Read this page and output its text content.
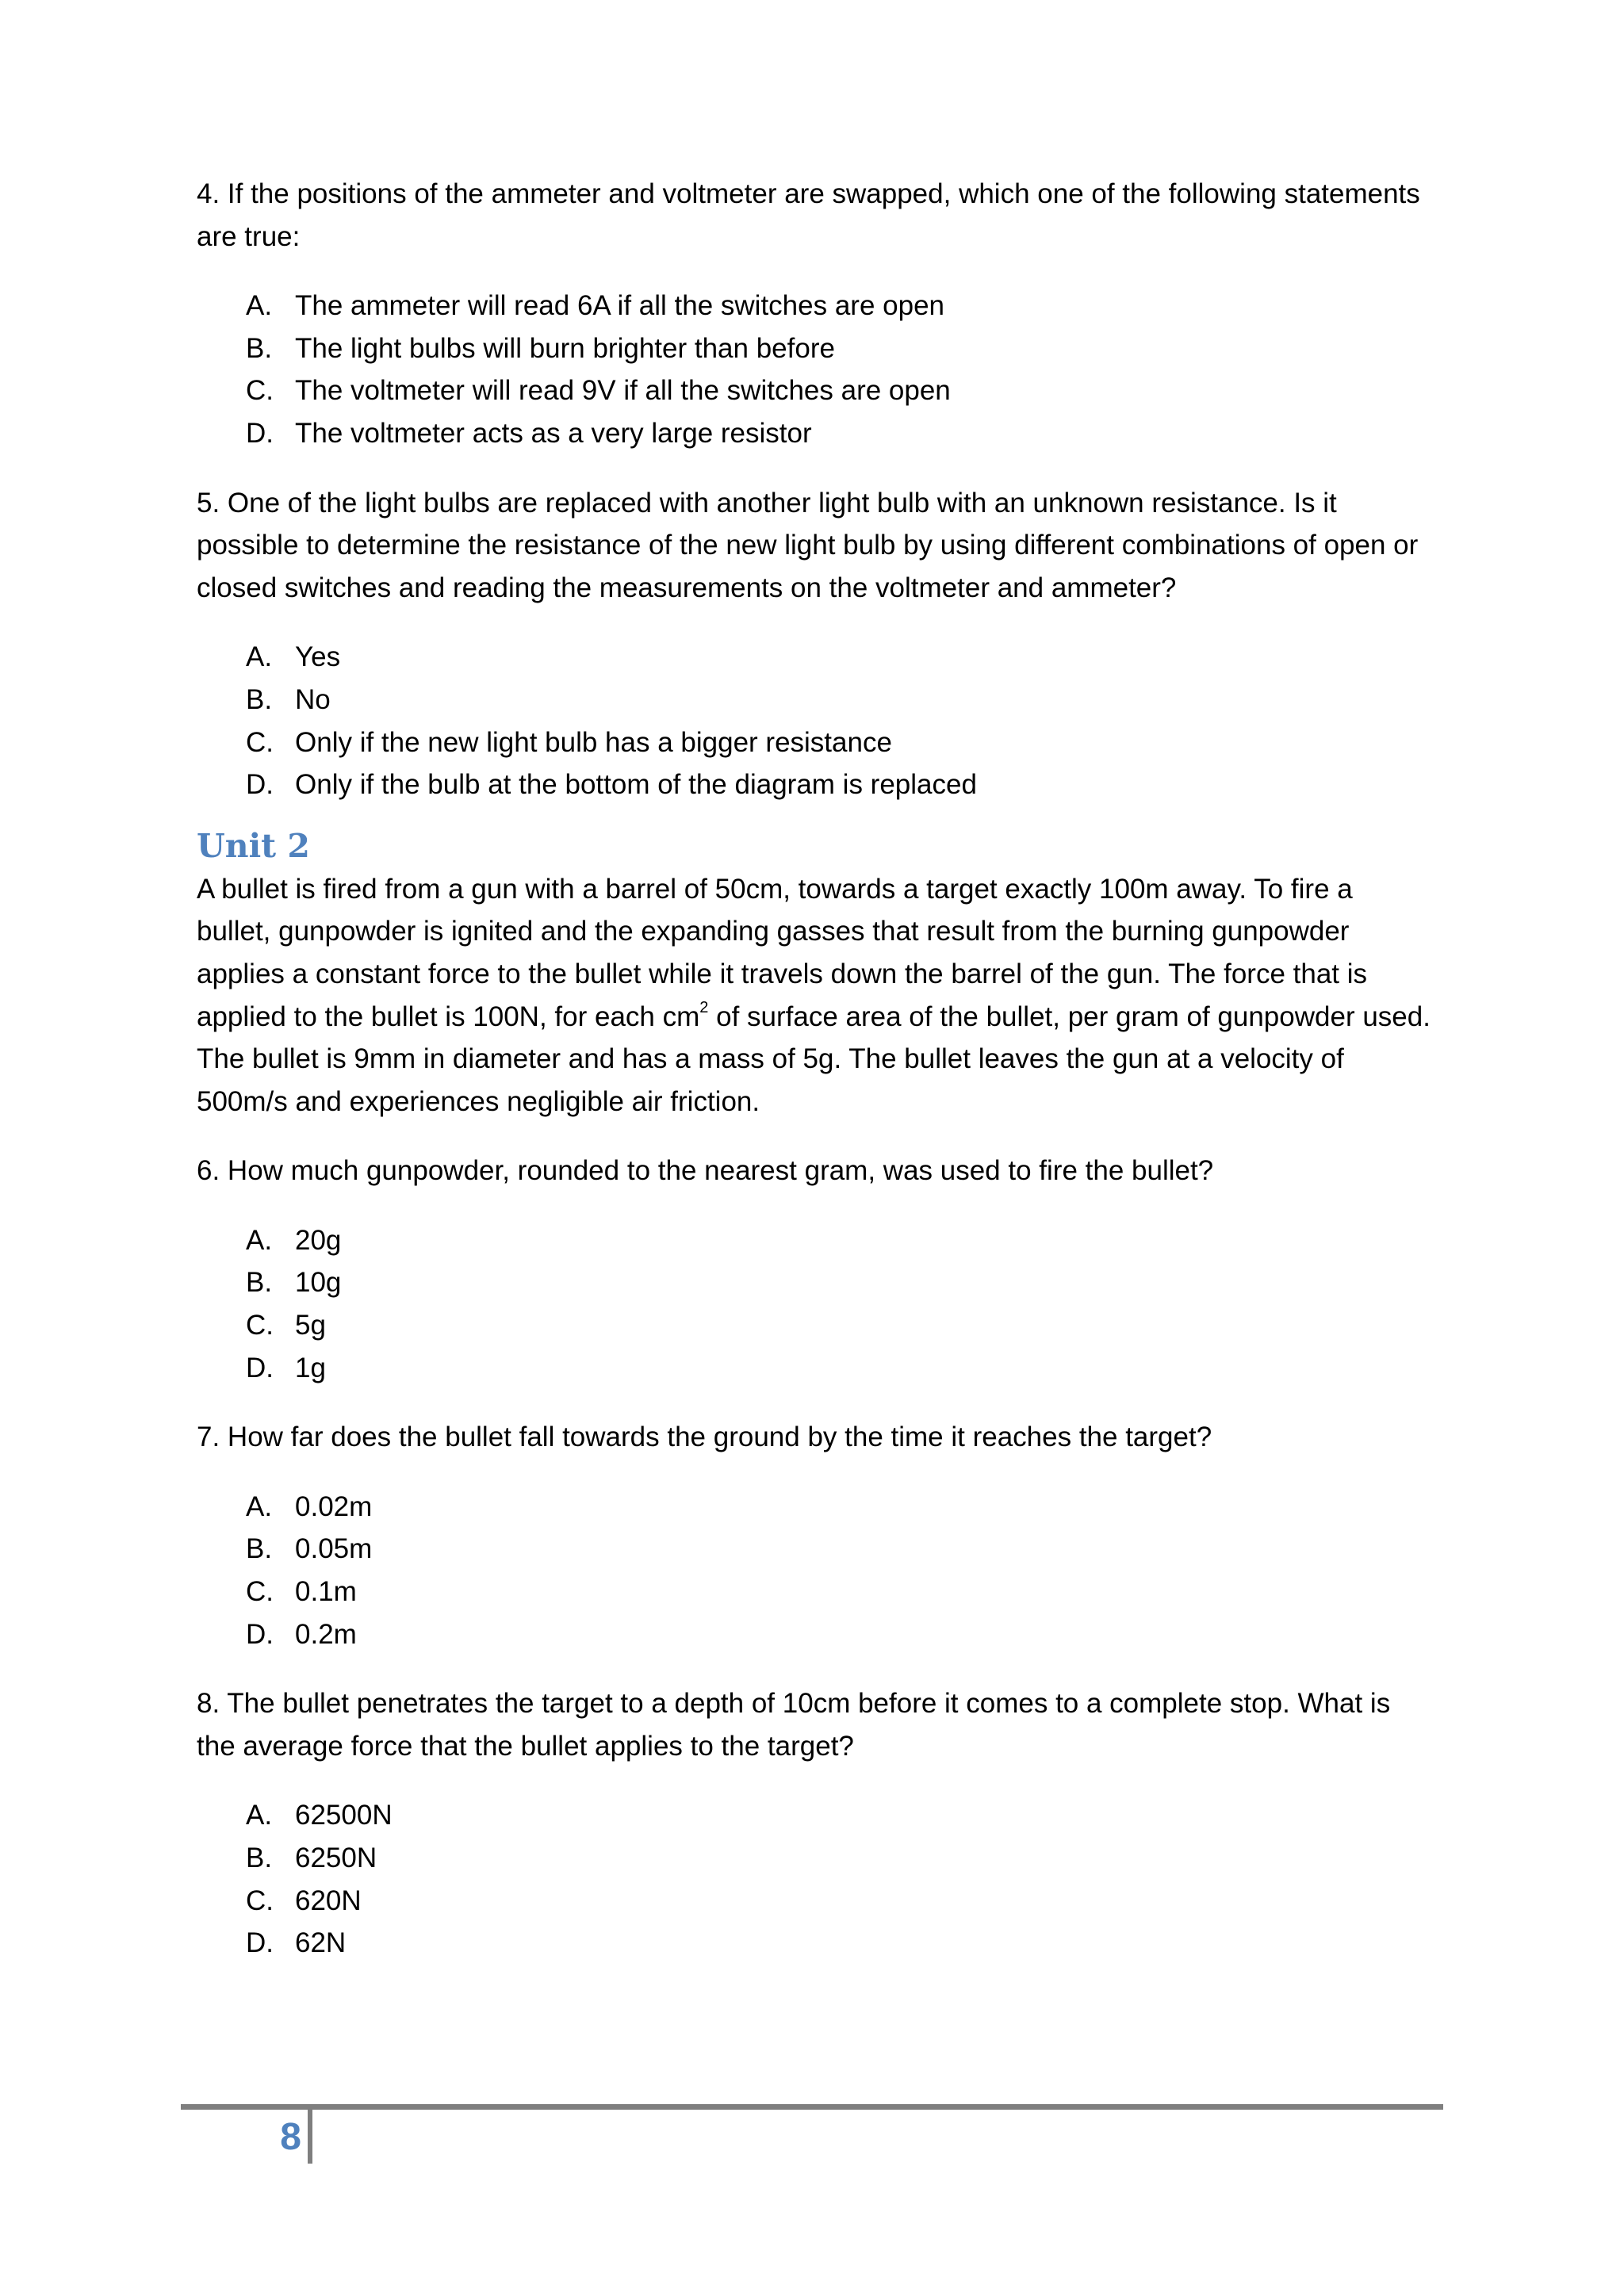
4. If the positions of the ammeter and voltmeter are swapped, which one of the following statements are true:

A. The ammeter will read 6A if all the switches are open
B. The light bulbs will burn brighter than before
C. The voltmeter will read 9V if all the switches are open
D. The voltmeter acts as a very large resistor

5. One of the light bulbs are replaced with another light bulb with an unknown resistance. Is it possible to determine the resistance of the new light bulb by using different combinations of open or closed switches and reading the measurements on the voltmeter and ammeter?

A. Yes
B. No
C. Only if the new light bulb has a bigger resistance
D. Only if the bulb at the bottom of the diagram is replaced
Unit 2

A bullet is fired from a gun with a barrel of 50cm, towards a target exactly 100m away. To fire a bullet, gunpowder is ignited and the expanding gasses that result from the burning gunpowder applies a constant force to the bullet while it travels down the barrel of the gun. The force that is applied to the bullet is 100N, for each $cm^2$ of surface area of the bullet, per gram of gunpowder used. The bullet is 9mm in diameter and has a mass of 5g. The bullet leaves the gun at a velocity of 500m/s and experiences negligible air friction.

6. How much gunpowder, rounded to the nearest gram, was used to fire the bullet?

A. 20g
B. 10g
C. 5g
D. 1g

7. How far does the bullet fall towards the ground by the time it reaches the target?

A. 0.02m
B. 0.05m
C. 0.1m
D. 0.2m

8. The bullet penetrates the target to a depth of 10cm before it comes to a complete stop. What is the average force that the bullet applies to the target?

A. 62500N
B. 6250N
C. 620N
D. 62N
8
